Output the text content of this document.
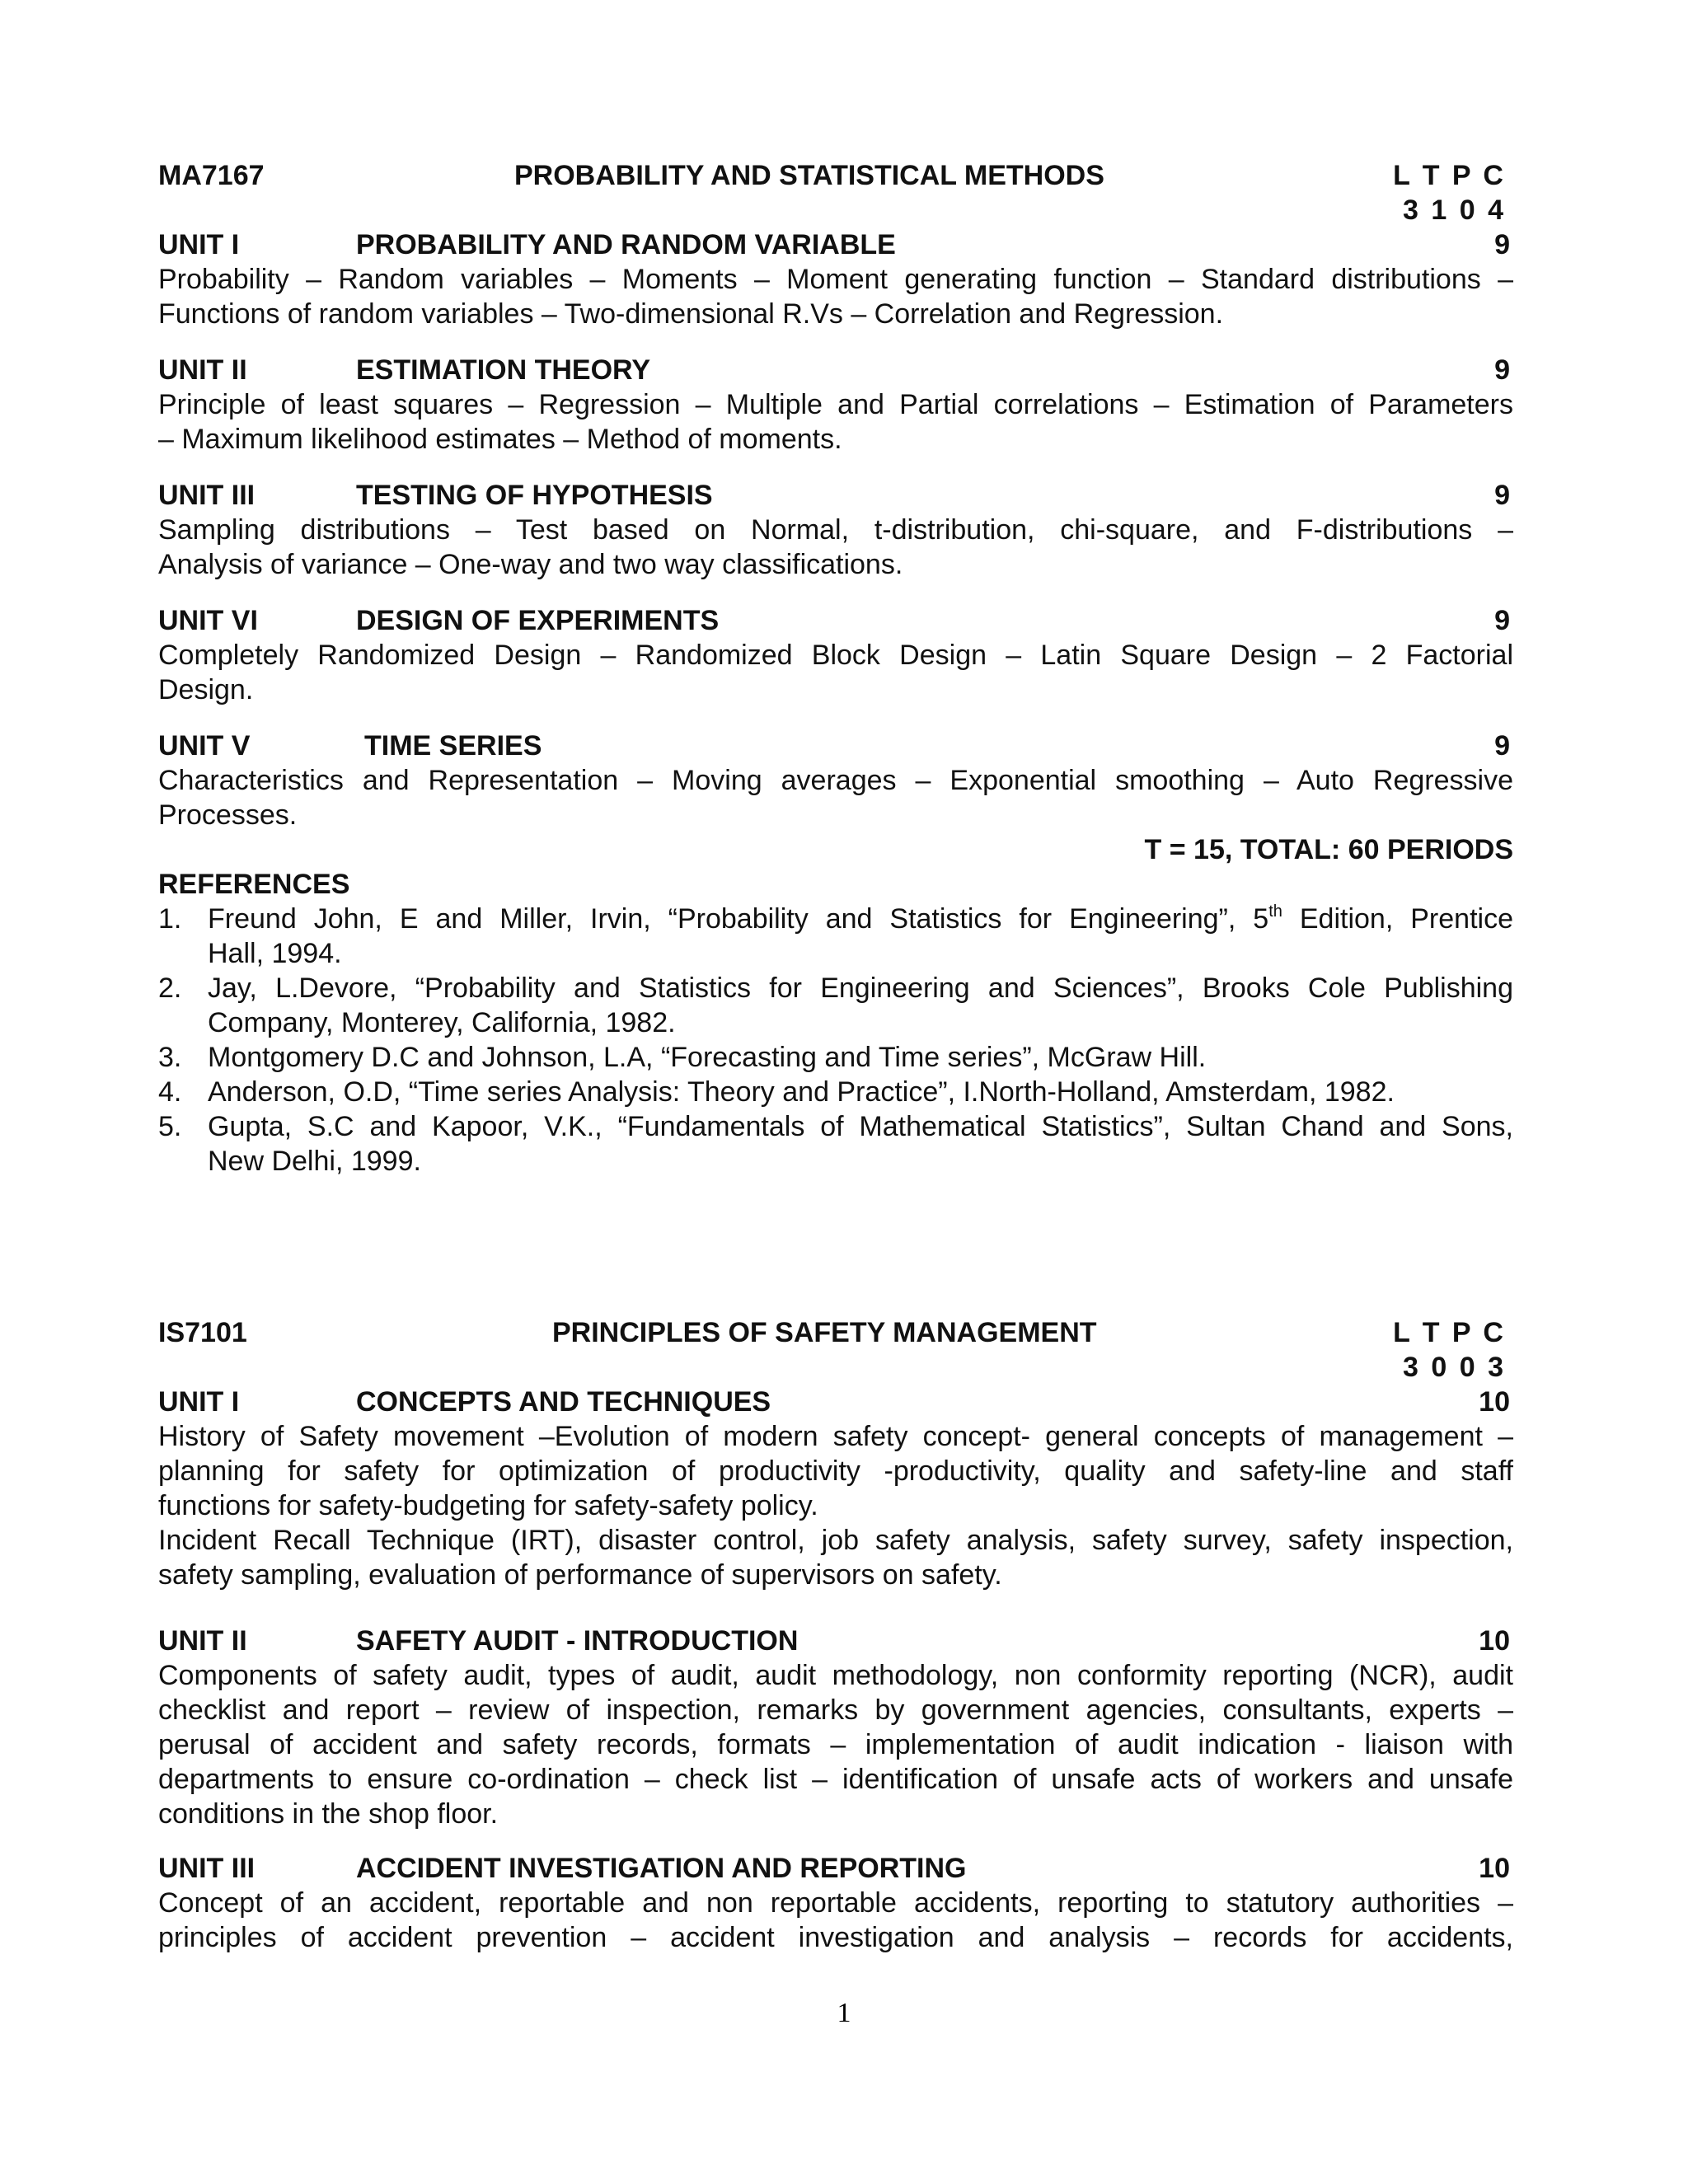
MA7167	PROBABILITY AND STATISTICAL METHODS	L T P C
3 1 0 4
UNIT I	PROBABILITY AND RANDOM VARIABLE	9
Probability – Random variables – Moments – Moment generating function – Standard distributions –
Functions of random variables – Two-dimensional R.Vs – Correlation and Regression.
UNIT II	ESTIMATION THEORY	9
Principle of least squares – Regression – Multiple and Partial correlations – Estimation of Parameters
– Maximum likelihood estimates – Method of moments.
UNIT III	TESTING OF HYPOTHESIS	9
Sampling distributions – Test based on Normal, t-distribution, chi-square, and F-distributions –
Analysis of variance – One-way and two way classifications.
UNIT VI	DESIGN OF EXPERIMENTS	9
Completely Randomized Design – Randomized Block Design – Latin Square Design – 2 Factorial
Design.
UNIT V	TIME SERIES	9
Characteristics and Representation – Moving averages – Exponential smoothing – Auto Regressive
Processes.
T = 15, TOTAL: 60 PERIODS
REFERENCES
1. Freund John, E and Miller, Irvin, “Probability and Statistics for Engineering”, 5th Edition, Prentice
Hall, 1994.
2. Jay, L.Devore, “Probability and Statistics for Engineering and Sciences”, Brooks Cole Publishing
Company, Monterey, California, 1982.
3. Montgomery D.C and Johnson, L.A, “Forecasting and Time series”, McGraw Hill.
4. Anderson, O.D, “Time series Analysis: Theory and Practice”, I.North-Holland, Amsterdam, 1982.
5. Gupta, S.C and Kapoor, V.K., “Fundamentals of Mathematical Statistics”, Sultan Chand and Sons,
New Delhi, 1999.
PRINCIPLES OF SAFETY MANAGEMENT
IS7101	L T P C
3 0 0 3
UNIT I	CONCEPTS AND TECHNIQUES	10
History of Safety movement –Evolution of modern safety concept- general concepts of management –
planning for safety for optimization of productivity -productivity, quality and safety-line and staff
functions for safety-budgeting for safety-safety policy.
Incident Recall Technique (IRT), disaster control, job safety analysis, safety survey, safety inspection,
safety sampling, evaluation of performance of supervisors on safety.
UNIT II	SAFETY AUDIT - INTRODUCTION	10
Components of safety audit, types of audit, audit methodology, non conformity reporting (NCR), audit
checklist and report – review of inspection, remarks by government agencies, consultants, experts –
perusal of accident and safety records, formats – implementation of audit indication - liaison with
departments to ensure co-ordination – check list – identification of unsafe acts of workers and unsafe
conditions in the shop floor.
UNIT III	ACCIDENT INVESTIGATION AND REPORTING	10
Concept of an accident, reportable and non reportable accidents, reporting to statutory authorities –
principles of accident prevention – accident investigation and analysis – records for accidents,
1
